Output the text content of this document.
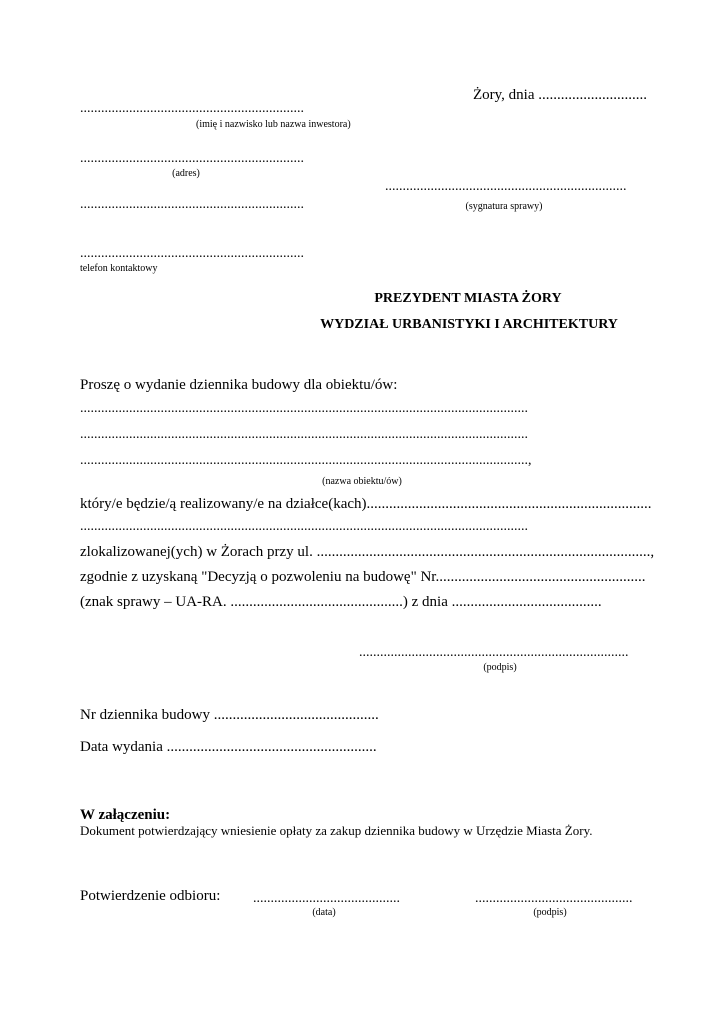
Żory, dnia .............................
................................................................
(imię i nazwisko lub nazwa inwestora)
................................................................
(adres)
................................................................
................................................................
telefon kontaktowy
.....................................................................
(sygnatura sprawy)
PREZYDENT MIASTA ŻORY
WYDZIAŁ URBANISTYKI I ARCHITEKTURY
Proszę o wydanie dziennika budowy dla obiektu/ów:
................................................................................................................................
................................................................................................................................
................................................................................................................................,
(nazwa obiektu/ów)
który/e będzie/ą realizowany/e na działce(kach)............................................................................
................................................................................................................................
zlokalizowanej(ych) w Żorach przy ul. .........................................................................................,
zgodnie z uzyskaną "Decyzją o pozwoleniu na budowę" Nr........................................................
(znak sprawy – UA-RA. ..............................................) z dnia ........................................
.............................................................................
(podpis)
Nr dziennika budowy ............................................
Data wydania ........................................................
W załączeniu:
Dokument potwierdzający wniesienie opłaty za zakup dziennika budowy w Urzędzie Miasta Żory.
Potwierdzenie odbioru: ..........................................
(data)
.............................................
(podpis)
